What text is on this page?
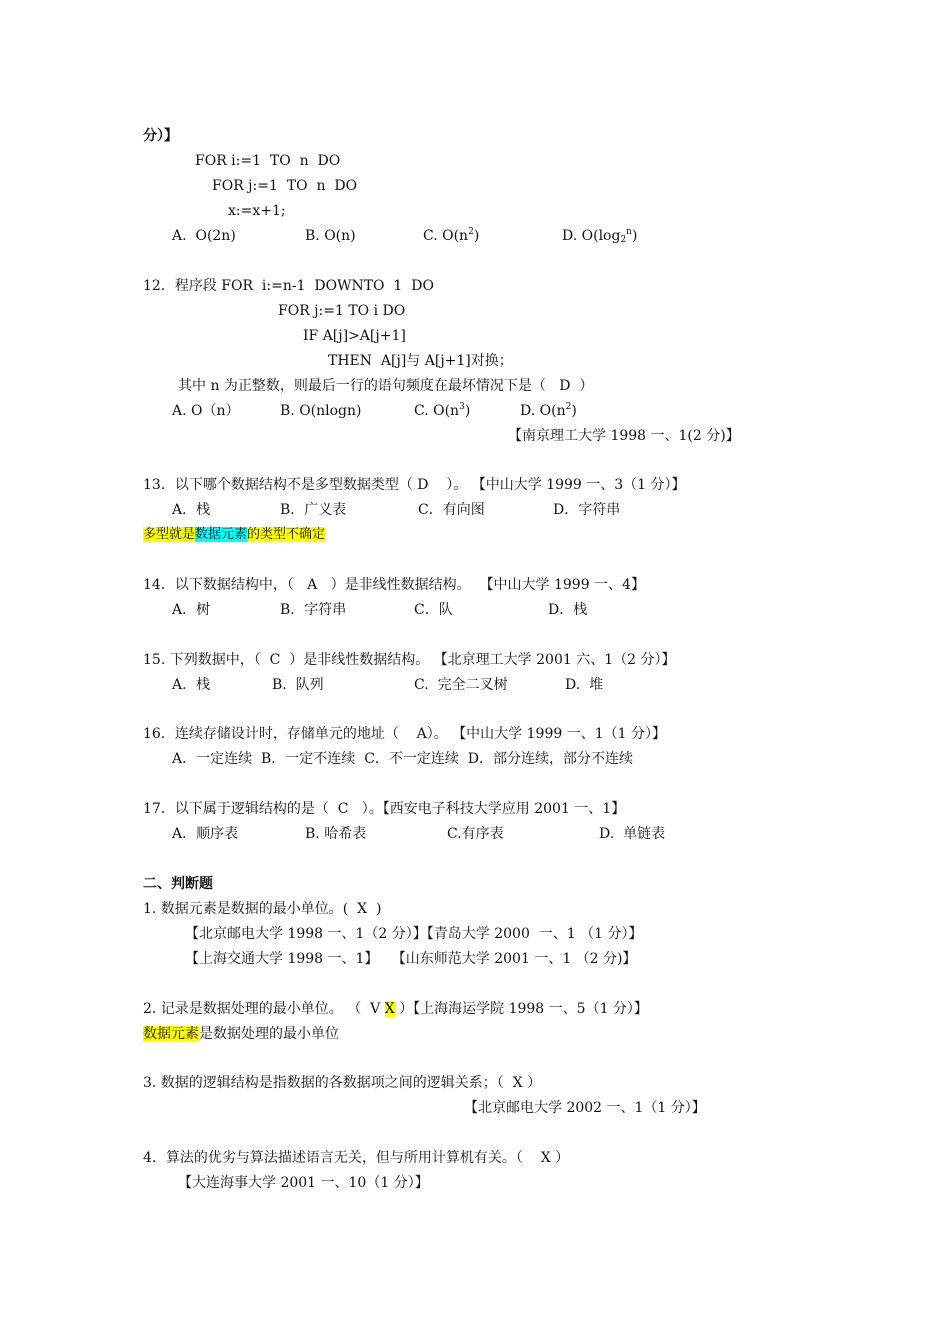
分）】
FOR i:=1  TO  n  DO
FOR j:=1  TO  n  DO
x:=x+1;
A.  O(2n)	B. O(n)	C. $O(n^2)$	D. $O(\log_2^n)$
12．程序段 FOR  i:=n-1  DOWNTO  1  DO
FOR j:=1 TO i DO
IF A[j]>A[j+1]
THEN  A[j]与 A[j+1]对换；
其中 n 为正整数，则最后一行的语句频度在最坏情况下是（   D  ）
A. O（n）	B. O(nlogn)	C. $O(n^3)$	D. $O(n^2)$
【南京理工大学 1998 一、1(2 分)】
13．以下哪个数据结构不是多型数据类型（ D    ）。 【中山大学 1999 一、3（1 分）】
A．栈	B．广义表	C．有向图	D．字符串
多型就是数据元素的类型不确定
14．以下数据结构中，（   A   ）是非线性数据结构。  【中山大学 1999 一、4】
A．树	B．字符串	C．队	D．栈
15. 下列数据中，（  C  ）是非线性数据结构。 【北京理工大学 2001 六、1（2 分）】
A．栈	B.  队列	C.  完全二叉树	D.  堆
16．连续存储设计时，存储单元的地址（    A）。 【中山大学 1999 一、1（1 分）】
A．一定连续  B．一定不连续  C．不一定连续  D．部分连续，部分不连续
17．以下属于逻辑结构的是（  C   ）。【西安电子科技大学应用 2001 一、1】
A．顺序表	B. 哈希表	C.有序表	D.  单链表
二、判断题
1. 数据元素是数据的最小单位。(  X  )
【北京邮电大学 1998 一、1（2 分）】【青岛大学 2000  一、1 （1 分）】
【上海交通大学 1998 一、1】   【山东师范大学 2001 一、1 （2 分)】
2. 记录是数据处理的最小单位。 （  V X ）【上海海运学院 1998 一、5（1 分）】
数据元素是数据处理的最小单位
3. 数据的逻辑结构是指数据的各数据项之间的逻辑关系；（  X ）
【北京邮电大学 2002 一、1（1 分）】
4．算法的优劣与算法描述语言无关，但与所用计算机有关。（    X ）
【大连海事大学 2001 一、10（1 分）】
